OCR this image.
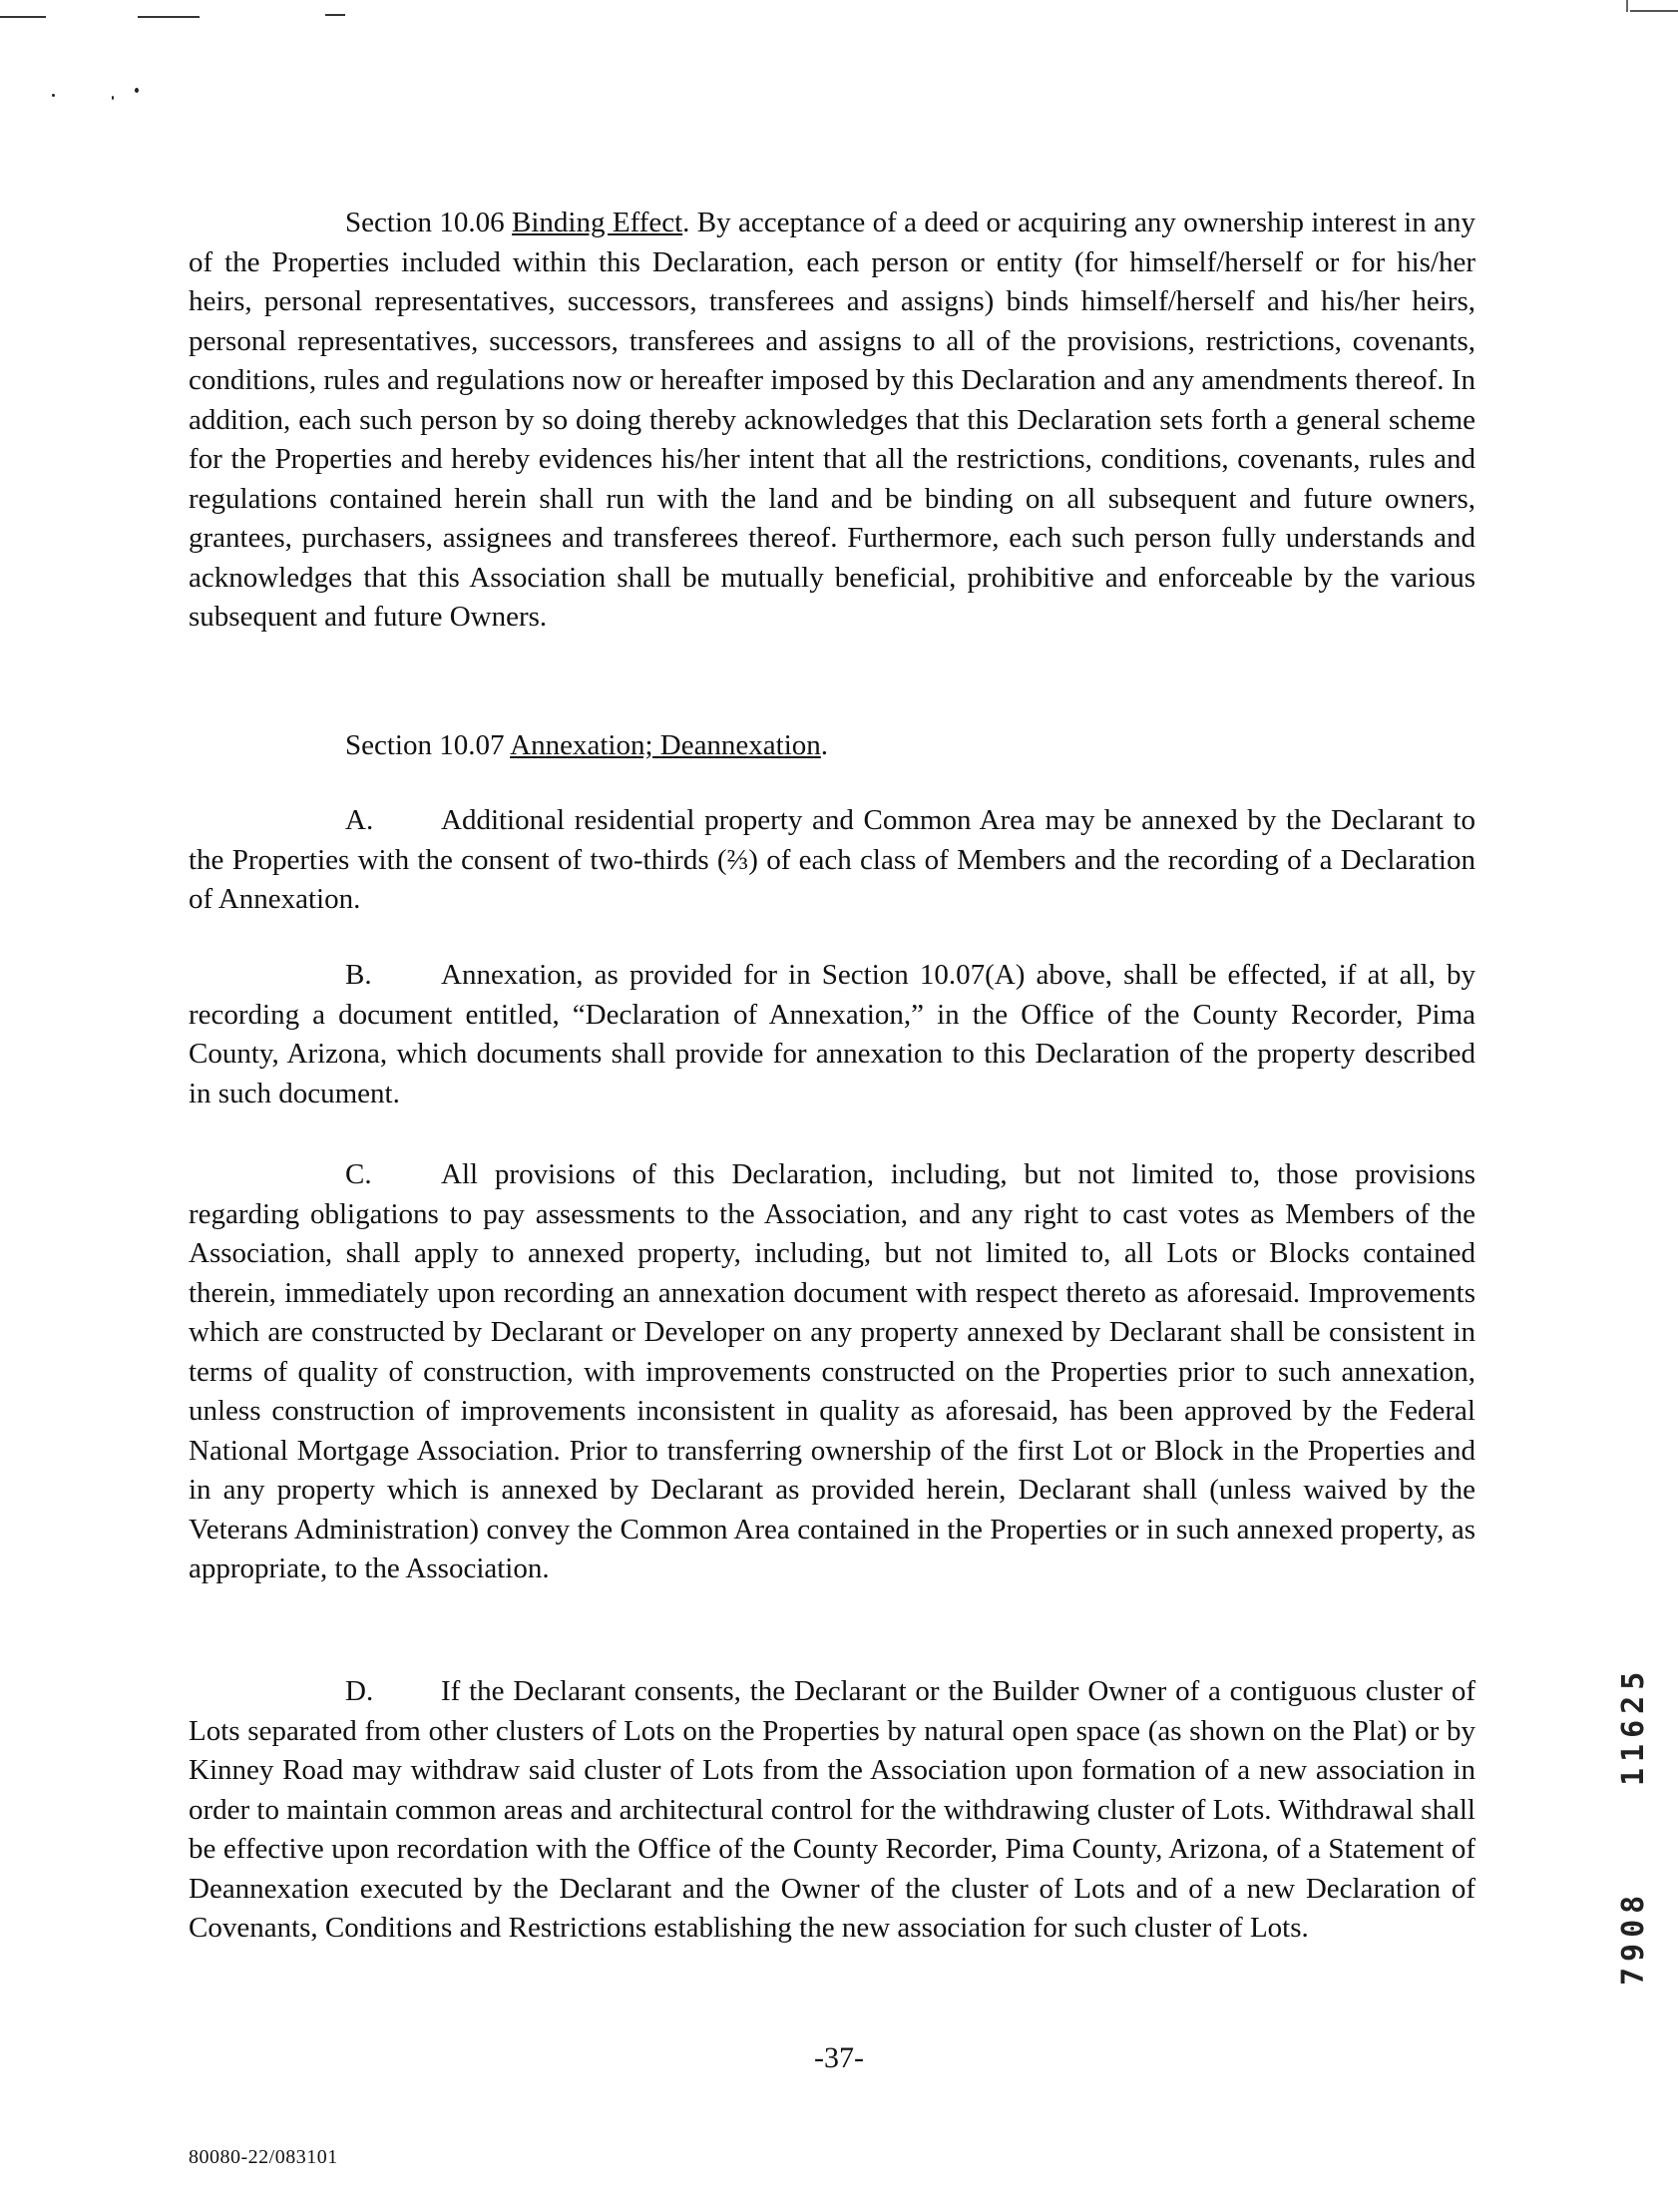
Section 10.06 Binding Effect. By acceptance of a deed or acquiring any ownership interest in any of the Properties included within this Declaration, each person or entity (for himself/herself or for his/her heirs, personal representatives, successors, transferees and assigns) binds himself/herself and his/her heirs, personal representatives, successors, transferees and assigns to all of the provisions, restrictions, covenants, conditions, rules and regulations now or hereafter imposed by this Declaration and any amendments thereof. In addition, each such person by so doing thereby acknowledges that this Declaration sets forth a general scheme for the Properties and hereby evidences his/her intent that all the restrictions, conditions, covenants, rules and regulations contained herein shall run with the land and be binding on all subsequent and future owners, grantees, purchasers, assignees and transferees thereof. Furthermore, each such person fully understands and acknowledges that this Association shall be mutually beneficial, prohibitive and enforceable by the various subsequent and future Owners.

Section 10.07 Annexation; Deannexation.

A. Additional residential property and Common Area may be annexed by the Declarant to the Properties with the consent of two-thirds (⅔) of each class of Members and the recording of a Declaration of Annexation.

B. Annexation, as provided for in Section 10.07(A) above, shall be effected, if at all, by recording a document entitled, “Declaration of Annexation,” in the Office of the County Recorder, Pima County, Arizona, which documents shall provide for annexation to this Declaration of the property described in such document.

C. All provisions of this Declaration, including, but not limited to, those provisions regarding obligations to pay assessments to the Association, and any right to cast votes as Members of the Association, shall apply to annexed property, including, but not limited to, all Lots or Blocks contained therein, immediately upon recording an annexation document with respect thereto as aforesaid. Improvements which are constructed by Declarant or Developer on any property annexed by Declarant shall be consistent in terms of quality of construction, with improvements constructed on the Properties prior to such annexation, unless construction of improvements inconsistent in quality as aforesaid, has been approved by the Federal National Mortgage Association. Prior to transferring ownership of the first Lot or Block in the Properties and in any property which is annexed by Declarant as provided herein, Declarant shall (unless waived by the Veterans Administration) convey the Common Area contained in the Properties or in such annexed property, as appropriate, to the Association.

D. If the Declarant consents, the Declarant or the Builder Owner of a contiguous cluster of Lots separated from other clusters of Lots on the Properties by natural open space (as shown on the Plat) or by Kinney Road may withdraw said cluster of Lots from the Association upon formation of a new association in order to maintain common areas and architectural control for the withdrawing cluster of Lots. Withdrawal shall be effective upon recordation with the Office of the County Recorder, Pima County, Arizona, of a Statement of Deannexation executed by the Declarant and the Owner of the cluster of Lots and of a new Declaration of Covenants, Conditions and Restrictions establishing the new association for such cluster of Lots.

11625
7908
-37-
80080-22/083101
